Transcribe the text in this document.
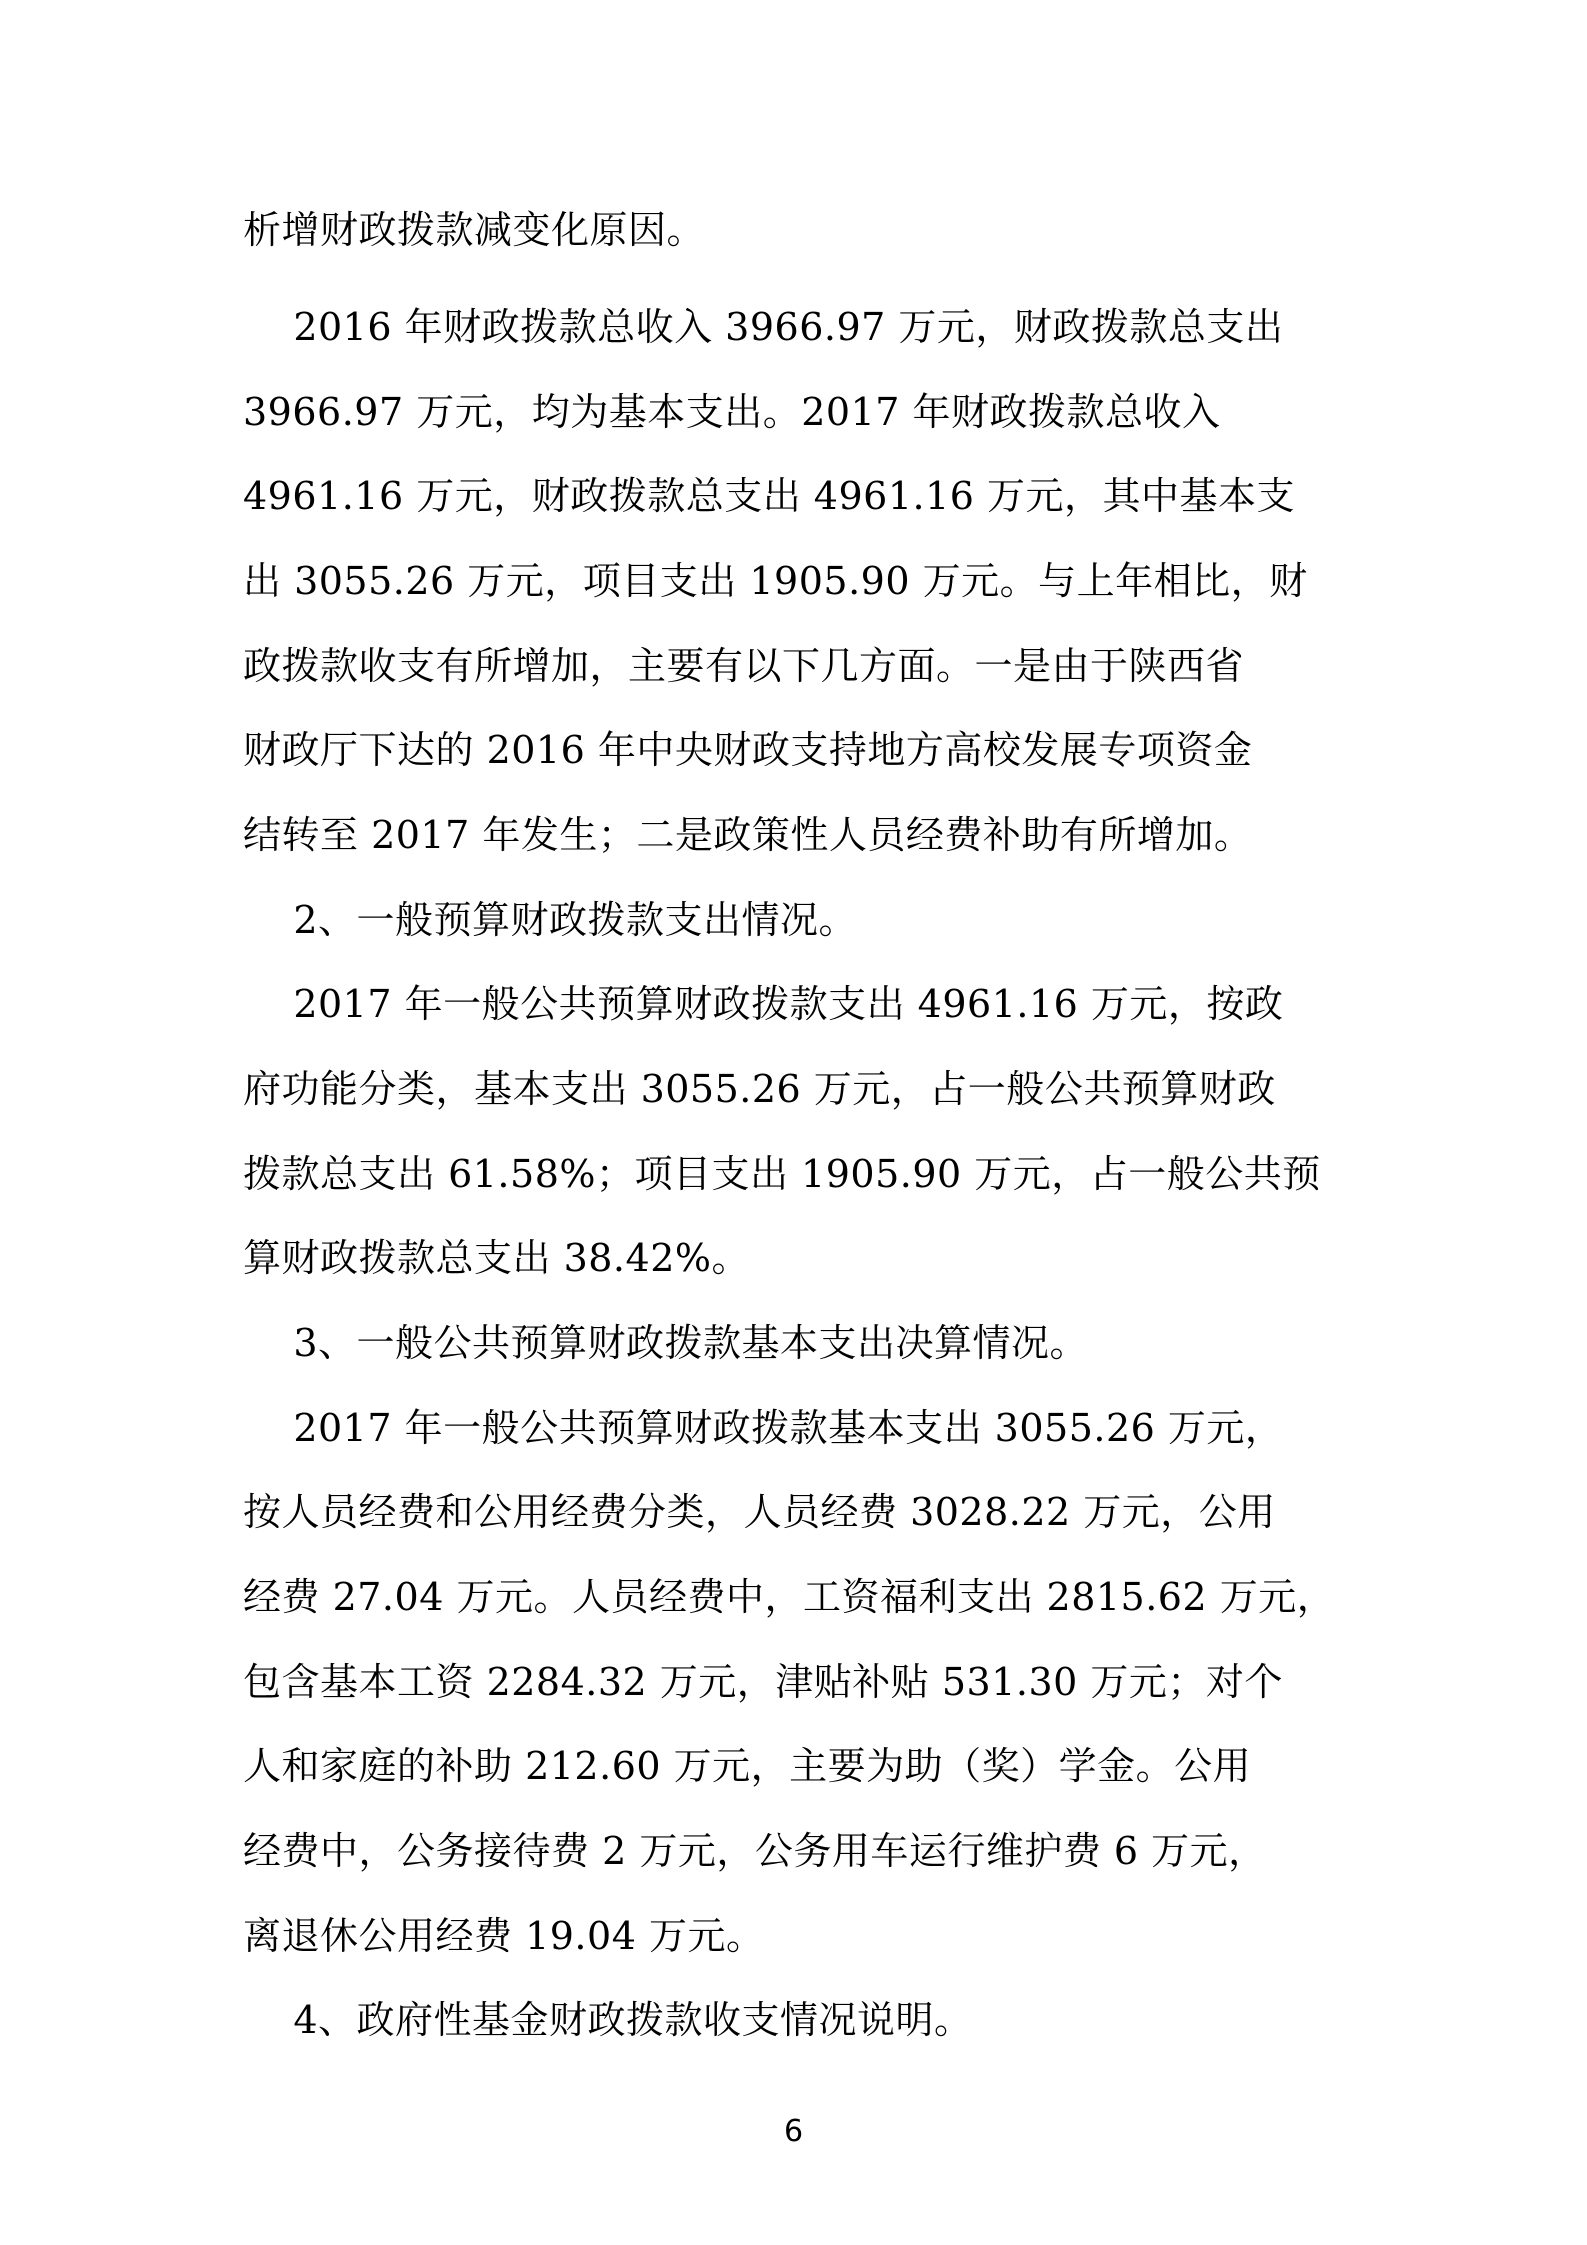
析增财政拨款减变化原因。
2016 年财政拨款总收入 3966.97 万元，财政拨款总支出
3966.97 万元，均为基本支出。2017 年财政拨款总收入
4961.16 万元，财政拨款总支出 4961.16 万元，其中基本支
出 3055.26 万元，项目支出 1905.90 万元。与上年相比，财
政拨款收支有所增加，主要有以下几方面。一是由于陕西省
财政厅下达的 2016 年中央财政支持地方高校发展专项资金
结转至 2017 年发生；二是政策性人员经费补助有所增加。
2、一般预算财政拨款支出情况。
2017 年一般公共预算财政拨款支出 4961.16 万元，按政
府功能分类，基本支出 3055.26 万元，占一般公共预算财政
拨款总支出 61.58%；项目支出 1905.90 万元，占一般公共预
算财政拨款总支出 38.42%。
3、一般公共预算财政拨款基本支出决算情况。
2017 年一般公共预算财政拨款基本支出 3055.26 万元，
按人员经费和公用经费分类，人员经费 3028.22 万元，公用
经费 27.04 万元。人员经费中，工资福利支出 2815.62 万元，
包含基本工资 2284.32 万元，津贴补贴 531.30 万元；对个
人和家庭的补助 212.60 万元，主要为助（奖）学金。公用
经费中，公务接待费 2 万元，公务用车运行维护费 6 万元，
离退休公用经费 19.04 万元。
4、政府性基金财政拨款收支情况说明。
6
